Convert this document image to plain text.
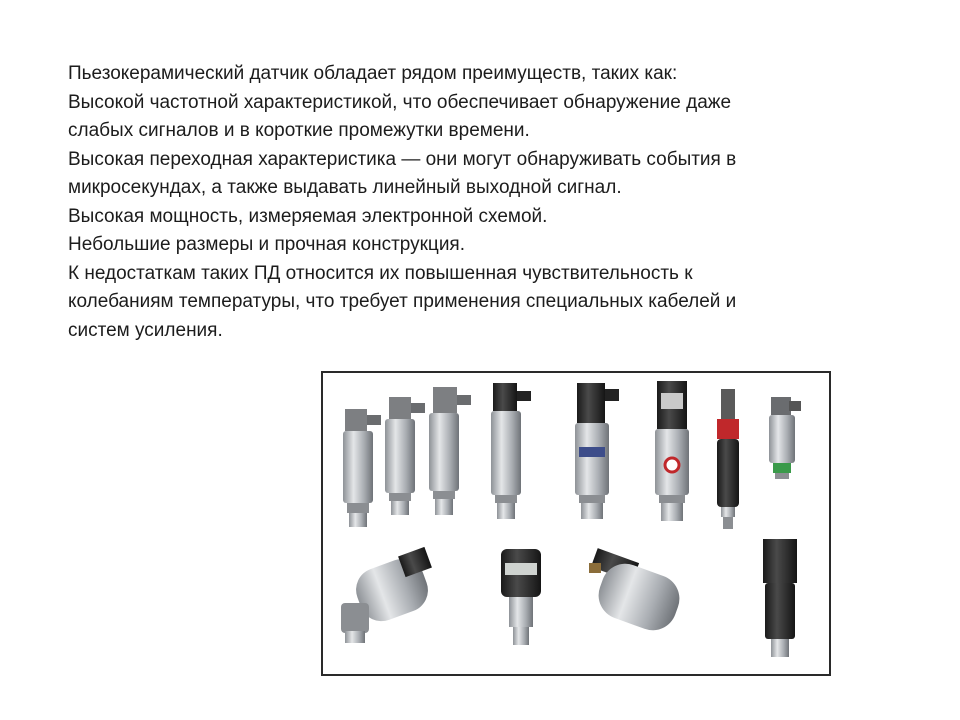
Пьезокерамический датчик обладает рядом преимуществ, таких как:

Высокой частотной характеристикой, что обеспечивает обнаружение даже

слабых сигналов и в короткие промежутки времени.

Высокая переходная характеристика — они могут обнаруживать события в

микросекундах, а также выдавать линейный выходной сигнал.

Высокая мощность, измеряемая электронной схемой.

Небольшие размеры и прочная конструкция.

К недостаткам таких ПД относится их повышенная чувствительность к

колебаниям температуры, что требует применения специальных кабелей и

систем усиления.
